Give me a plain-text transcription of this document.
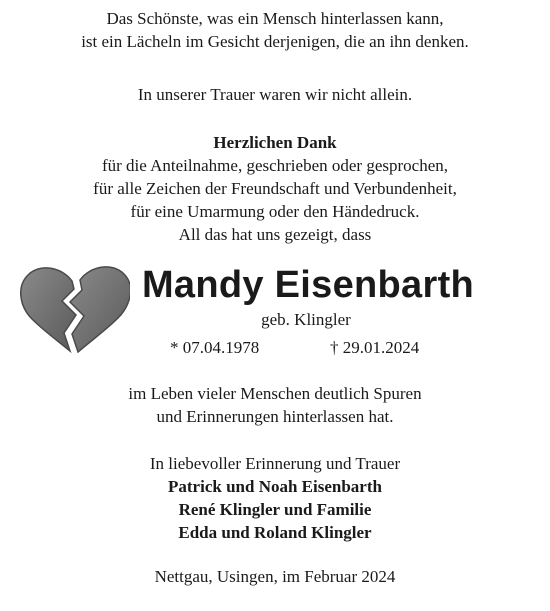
Das Schönste, was ein Mensch hinterlassen kann,
ist ein Lächeln im Gesicht derjenigen, die an ihn denken.
In unserer Trauer waren wir nicht allein.
Herzlichen Dank
für die Anteilnahme, geschrieben oder gesprochen,
für alle Zeichen der Freundschaft und Verbundenheit,
für eine Umarmung oder den Händedruck.
All das hat uns gezeigt, dass
Mandy Eisenbarth
geb. Klingler
* 07.04.1978	† 29.01.2024
im Leben vieler Menschen deutlich Spuren
und Erinnerungen hinterlassen hat.
In liebevoller Erinnerung und Trauer
Patrick und Noah Eisenbarth
René Klingler und Familie
Edda und Roland Klingler
Nettgau, Usingen, im Februar 2024
